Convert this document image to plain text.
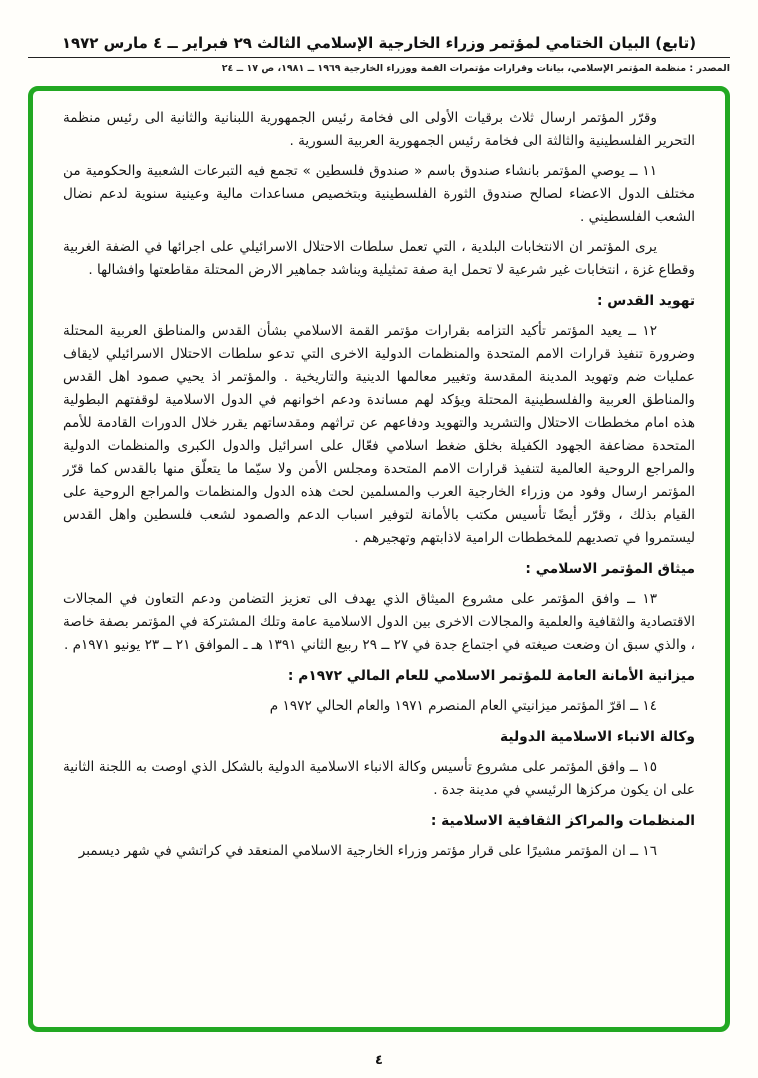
(تابع) البيان الختامي لمؤتمر وزراء الخارجية الإسلامي الثالث ٢٩ فبراير ــ ٤ مارس ١٩٧٢
المصدر : منظمة المؤتمر الإسلامي، بيانات وقرارات مؤتمرات القمة ووزراء الخارجية ١٩٦٩ ــ ١٩٨١، ص ١٧ ــ ٢٤

وقرّر المؤتمر ارسال ثلاث برقيات الأولى الى فخامة رئيس الجمهورية اللبنانية والثانية الى رئيس منظمة التحرير الفلسطينية والثالثة الى فخامة رئيس الجمهورية العربية السورية .

١١ ــ يوصي المؤتمر بانشاء صندوق باسم « صندوق فلسطين » تجمع فيه التبرعات الشعبية والحكومية من مختلف الدول الاعضاء لصالح صندوق الثورة الفلسطينية وبتخصيص مساعدات مالية وعينية سنوية لدعم نضال الشعب الفلسطيني .

يرى المؤتمر ان الانتخابات البلدية ، التي تعمل سلطات الاحتلال الاسرائيلي على اجرائها في الضفة الغربية وقطاع غزة ، انتخابات غير شرعية لا تحمل اية صفة تمثيلية ويناشد جماهير الارض المحتلة مقاطعتها وافشالها .

تهويد القدس :

١٢ ــ يعيد المؤتمر تأكيد التزامه بقرارات مؤتمر القمة الاسلامي بشأن القدس والمناطق العربية المحتلة وضرورة تنفيذ قرارات الامم المتحدة والمنظمات الدولية الاخرى التي تدعو سلطات الاحتلال الاسرائيلي لايقاف عمليات ضم وتهويد المدينة المقدسة وتغيير معالمها الدينية والتاريخية . والمؤتمر اذ يحيي صمود اهل القدس والمناطق العربية والفلسطينية المحتلة ويؤكد لهم مساندة ودعم اخوانهم في الدول الاسلامية لوقفتهم البطولية هذه امام مخططات الاحتلال والتشريد والتهويد ودفاعهم عن تراثهم ومقدساتهم يقرر خلال الدورات القادمة للأمم المتحدة مضاعفة الجهود الكفيلة بخلق ضغط اسلامي فعّال على اسرائيل والدول الكبرى والمنظمات الدولية والمراجع الروحية العالمية لتنفيذ قرارات الامم المتحدة ومجلس الأمن ولا سيّما ما يتعلّق منها بالقدس كما قرّر المؤتمر ارسال وفود من وزراء الخارجية العرب والمسلمين لحث هذه الدول والمنظمات والمراجع الروحية على القيام بذلك ، وقرّر أيضًا تأسيس مكتب بالأمانة لتوفير اسباب الدعم والصمود لشعب فلسطين واهل القدس ليستمروا في تصديهم للمخططات الرامية لاذابتهم وتهجيرهم .

ميثاق المؤتمر الاسلامي :

١٣ ــ وافق المؤتمر على مشروع الميثاق الذي يهدف الى تعزيز التضامن ودعم التعاون في المجالات الاقتصادية والثقافية والعلمية والمجالات الاخرى بين الدول الاسلامية عامة وتلك المشتركة في المؤتمر بصفة خاصة ، والذي سبق ان وضعت صيغته في اجتماع جدة في ٢٧ ــ ٢٩ ربيع الثاني ١٣٩١ هـ ـ الموافق ٢١ ــ ٢٣ يونيو ١٩٧١م .

ميزانية الأمانة العامة للمؤتمر الاسلامي للعام المالي ١٩٧٢م :

١٤ ــ اقرّ المؤتمر ميزانيتي العام المنصرم ١٩٧١ والعام الحالي ١٩٧٢ م

وكالة الانباء الاسلامية الدولية

١٥ ــ وافق المؤتمر على مشروع تأسيس وكالة الانباء الاسلامية الدولية بالشكل الذي اوصت به اللجنة الثانية على ان يكون مركزها الرئيسي في مدينة جدة .

المنظمات والمراكز الثقافية الاسلامية :

١٦ ــ ان المؤتمر مشيرًا على قرار مؤتمر وزراء الخارجية الاسلامي المنعقد في كراتشي في شهر ديسمبر

٤
